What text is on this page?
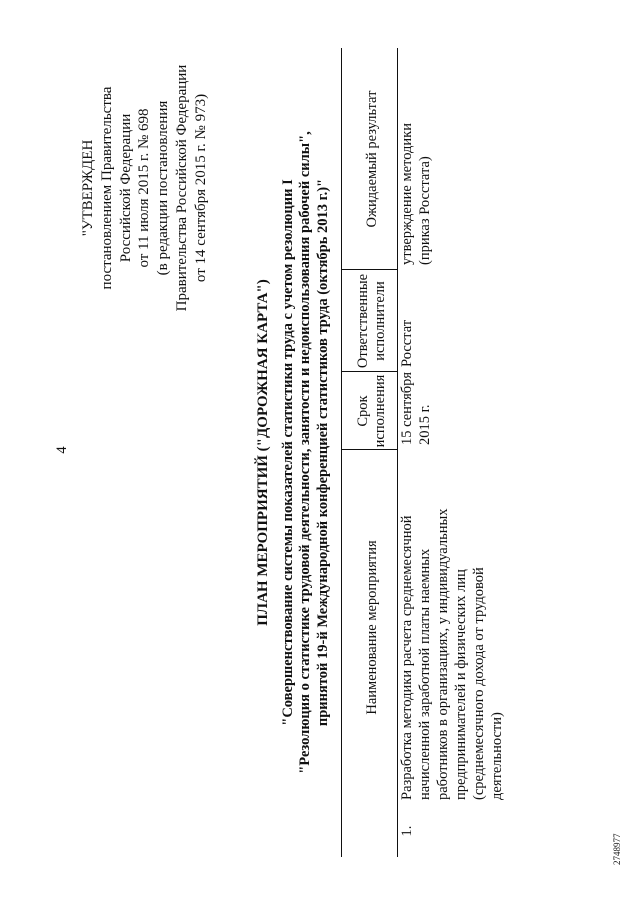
4
"УТВЕРЖДЕН постановлением Правительства Российской Федерации от 11 июля 2015 г. № 698 (в редакции постановления Правительства Российской Федерации от 14 сентября 2015 г. № 973)
ПЛАН МЕРОПРИЯТИЙ ("ДОРОЖНАЯ КАРТА") "Совершенствование системы показателей статистики труда с учетом резолюции I "Резолюция о статистике трудовой деятельности, занятости и недоиспользования рабочей силы", принятой 19-й Международной конференцией статистиков труда (октябрь 2013 г.)"	Наименование мероприятия
Срок исполнения
Ответственные исполнители
Ожидаемый результат
1.
Разработка методики расчета среднемесячной начисленной заработной платы наемных работников в организациях, у индивидуальных предпринимателей и физических лиц (среднемесячного дохода от трудовой деятельности)
15 сентября 2015 г.
Росстат
утверждение методики (приказ Росстата)
2748977
